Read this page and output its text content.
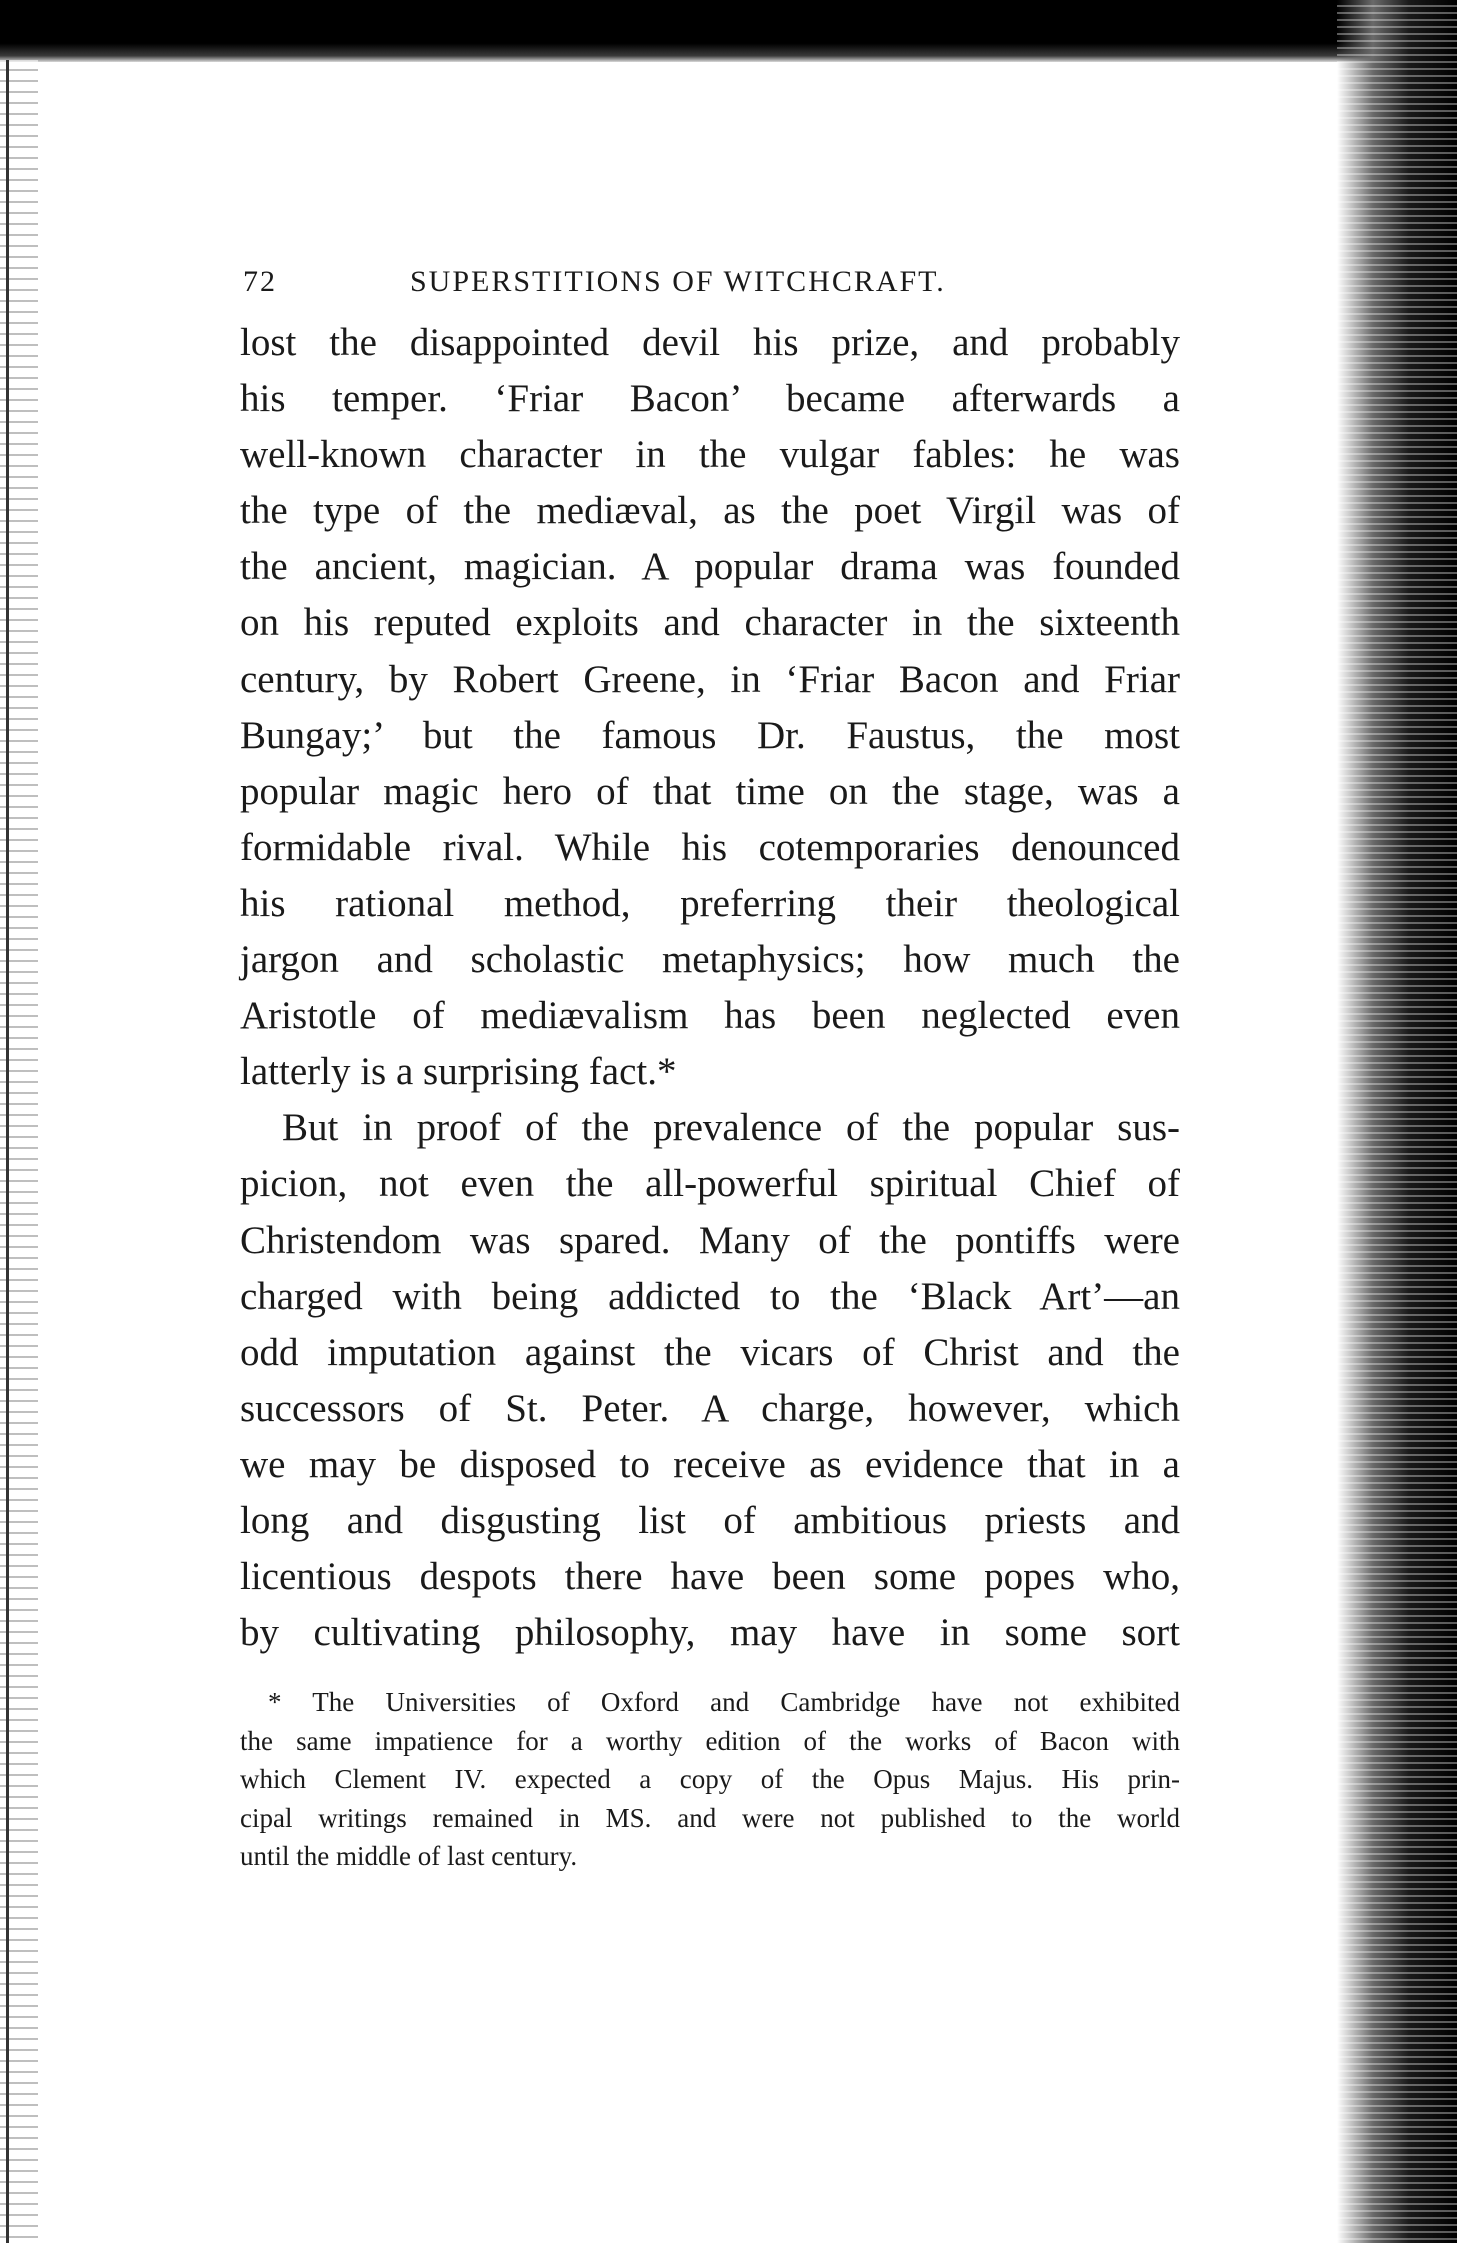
72	SUPERSTITIONS OF WITCHCRAFT.
lost the disappointed devil his prize, and probably
his temper. ‘Friar Bacon’ became afterwards a
well-known character in the vulgar fables: he was
the type of the mediæval, as the poet Virgil was of
the ancient, magician. A popular drama was founded
on his reputed exploits and character in the sixteenth
century, by Robert Greene, in ‘Friar Bacon and Friar
Bungay;’ but the famous Dr. Faustus, the most
popular magic hero of that time on the stage, was a
formidable rival. While his cotemporaries denounced
his rational method, preferring their theological
jargon and scholastic metaphysics; how much the
Aristotle of mediævalism has been neglected even
latterly is a surprising fact.*
But in proof of the prevalence of the popular sus-
picion, not even the all-powerful spiritual Chief of
Christendom was spared. Many of the pontiffs were
charged with being addicted to the ‘Black Art’—an
odd imputation against the vicars of Christ and the
successors of St. Peter. A charge, however, which
we may be disposed to receive as evidence that in a
long and disgusting list of ambitious priests and
licentious despots there have been some popes who,
by cultivating philosophy, may have in some sort
* The Universities of Oxford and Cambridge have not exhibited
the same impatience for a worthy edition of the works of Bacon with
which Clement IV. expected a copy of the Opus Majus. His prin-
cipal writings remained in MS. and were not published to the world
until the middle of last century.
